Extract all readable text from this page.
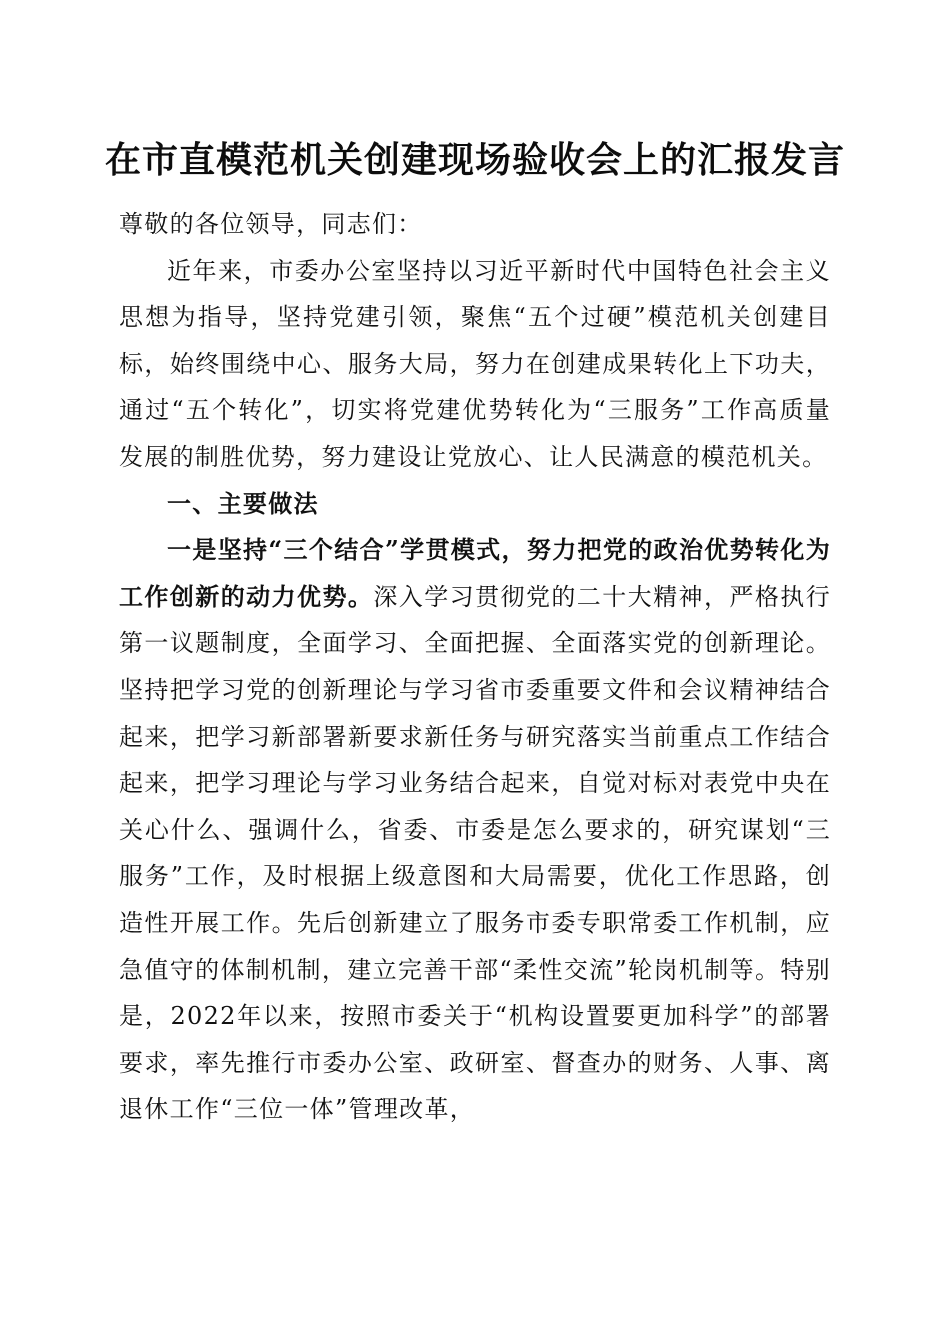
在市直模范机关创建现场验收会上的汇报发言

尊敬的各位领导，同志们：

近年来，市委办公室坚持以习近平新时代中国特色社会主义思想为指导，坚持党建引领，聚焦“五个过硬”模范机关创建目标，始终围绕中心、服务大局，努力在创建成果转化上下功夫，通过“五个转化”，切实将党建优势转化为“三服务”工作高质量发展的制胜优势，努力建设让党放心、让人民满意的模范机关。

一、主要做法

一是坚持“三个结合”学贯模式，努力把党的政治优势转化为工作创新的动力优势。深入学习贯彻党的二十大精神，严格执行第一议题制度，全面学习、全面把握、全面落实党的创新理论。坚持把学习党的创新理论与学习省市委重要文件和会议精神结合起来，把学习新部署新要求新任务与研究落实当前重点工作结合起来，把学习理论与学习业务结合起来，自觉对标对表党中央在关心什么、强调什么，省委、市委是怎么要求的，研究谋划“三服务”工作，及时根据上级意图和大局需要，优化工作思路，创造性开展工作。先后创新建立了服务市委专职常委工作机制，应急值守的体制机制，建立完善干部“柔性交流”轮岗机制等。特别是，2022年以来，按照市委关于“机构设置要更加科学”的部署要求，率先推行市委办公室、政研室、督查办的财务、人事、离退休工作“三位一体”管理改革，
